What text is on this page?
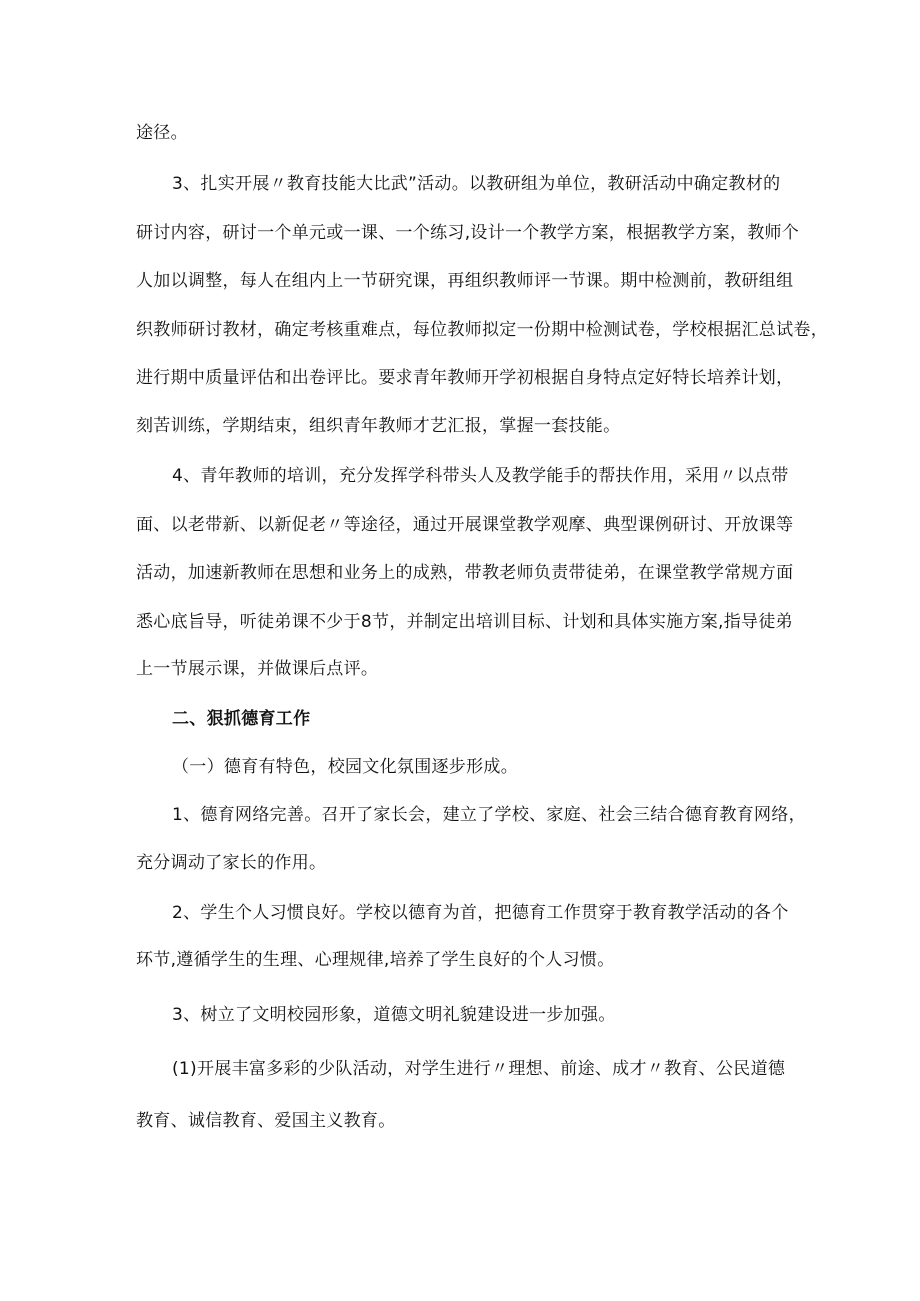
途径。
3、扎实开展〃教育技能大比武”活动。以教研组为单位，教研活动中确定教材的
研讨内容，研讨一个单元或一课、一个练习,设计一个教学方案，根据教学方案，教师个
人加以调整，每人在组内上一节研究课，再组织教师评一节课。期中检测前，教研组组
织教师研讨教材，确定考核重难点，每位教师拟定一份期中检测试卷，学校根据汇总试卷，
进行期中质量评估和出卷评比。要求青年教师开学初根据自身特点定好特长培养计划，
刻苦训练，学期结束，组织青年教师才艺汇报，掌握一套技能。
4、青年教师的培训，充分发挥学科带头人及教学能手的帮扶作用，采用〃以点带
面、以老带新、以新促老〃等途径，通过开展课堂教学观摩、典型课例研讨、开放课等
活动，加速新教师在思想和业务上的成熟，带教老师负责带徒弟，在课堂教学常规方面
悉心底旨导，听徒弟课不少于8节，并制定出培训目标、计划和具体实施方案,指导徒弟
上一节展示课，并做课后点评。
二、狠抓德育工作
（一）德育有特色，校园文化氛围逐步形成。
1、德育网络完善。召开了家长会，建立了学校、家庭、社会三结合德育教育网络，
充分调动了家长的作用。
2、学生个人习惯良好。学校以德育为首，把德育工作贯穿于教育教学活动的各个
环节,遵循学生的生理、心理规律,培养了学生良好的个人习惯。
3、树立了文明校园形象，道德文明礼貌建设进一步加强。
(1)开展丰富多彩的少队活动，对学生进行〃理想、前途、成才〃教育、公民道德
教育、诚信教育、爱国主义教育。
